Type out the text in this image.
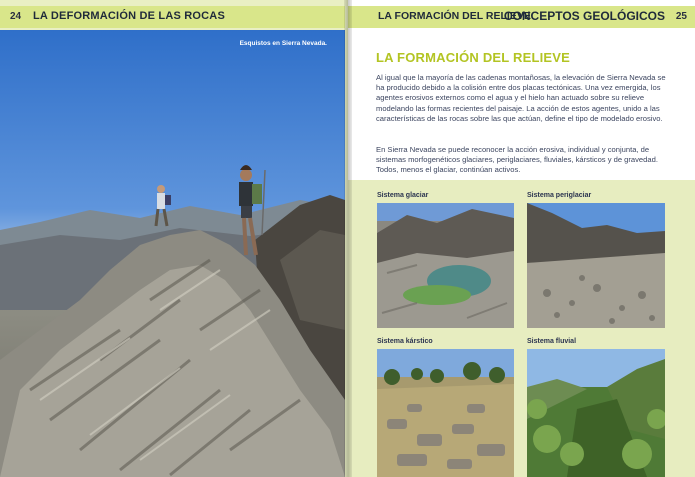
24 LA DEFORMACIÓN DE LAS ROCAS
Esquistos en Sierra Nevada.
LA FORMACIÓN DEL RELIEVE
CONCEPTOS GEOLÓGICOS 25
LA FORMACIÓN DEL RELIEVE

Al igual que la mayoría de las cadenas montañosas, la elevación de Sierra Nevada se ha producido debido a la colisión entre dos placas tectónicas. Una vez emergida, los agentes erosivos externos como el agua y el hielo han actuado sobre su relieve modelando las formas recientes del paisaje. La acción de estos agentes, unido a las características de las rocas sobre las que actúan, define el tipo de modelado erosivo.

En Sierra Nevada se puede reconocer la acción erosiva, individual y conjunta, de sistemas morfogenéticos glaciares, periglaciares, fluviales, kársticos y de gravedad. Todos, menos el glaciar, continúan activos.

Sistema glaciar	Sistema periglaciar
Sistema kárstico	Sistema fluvial
